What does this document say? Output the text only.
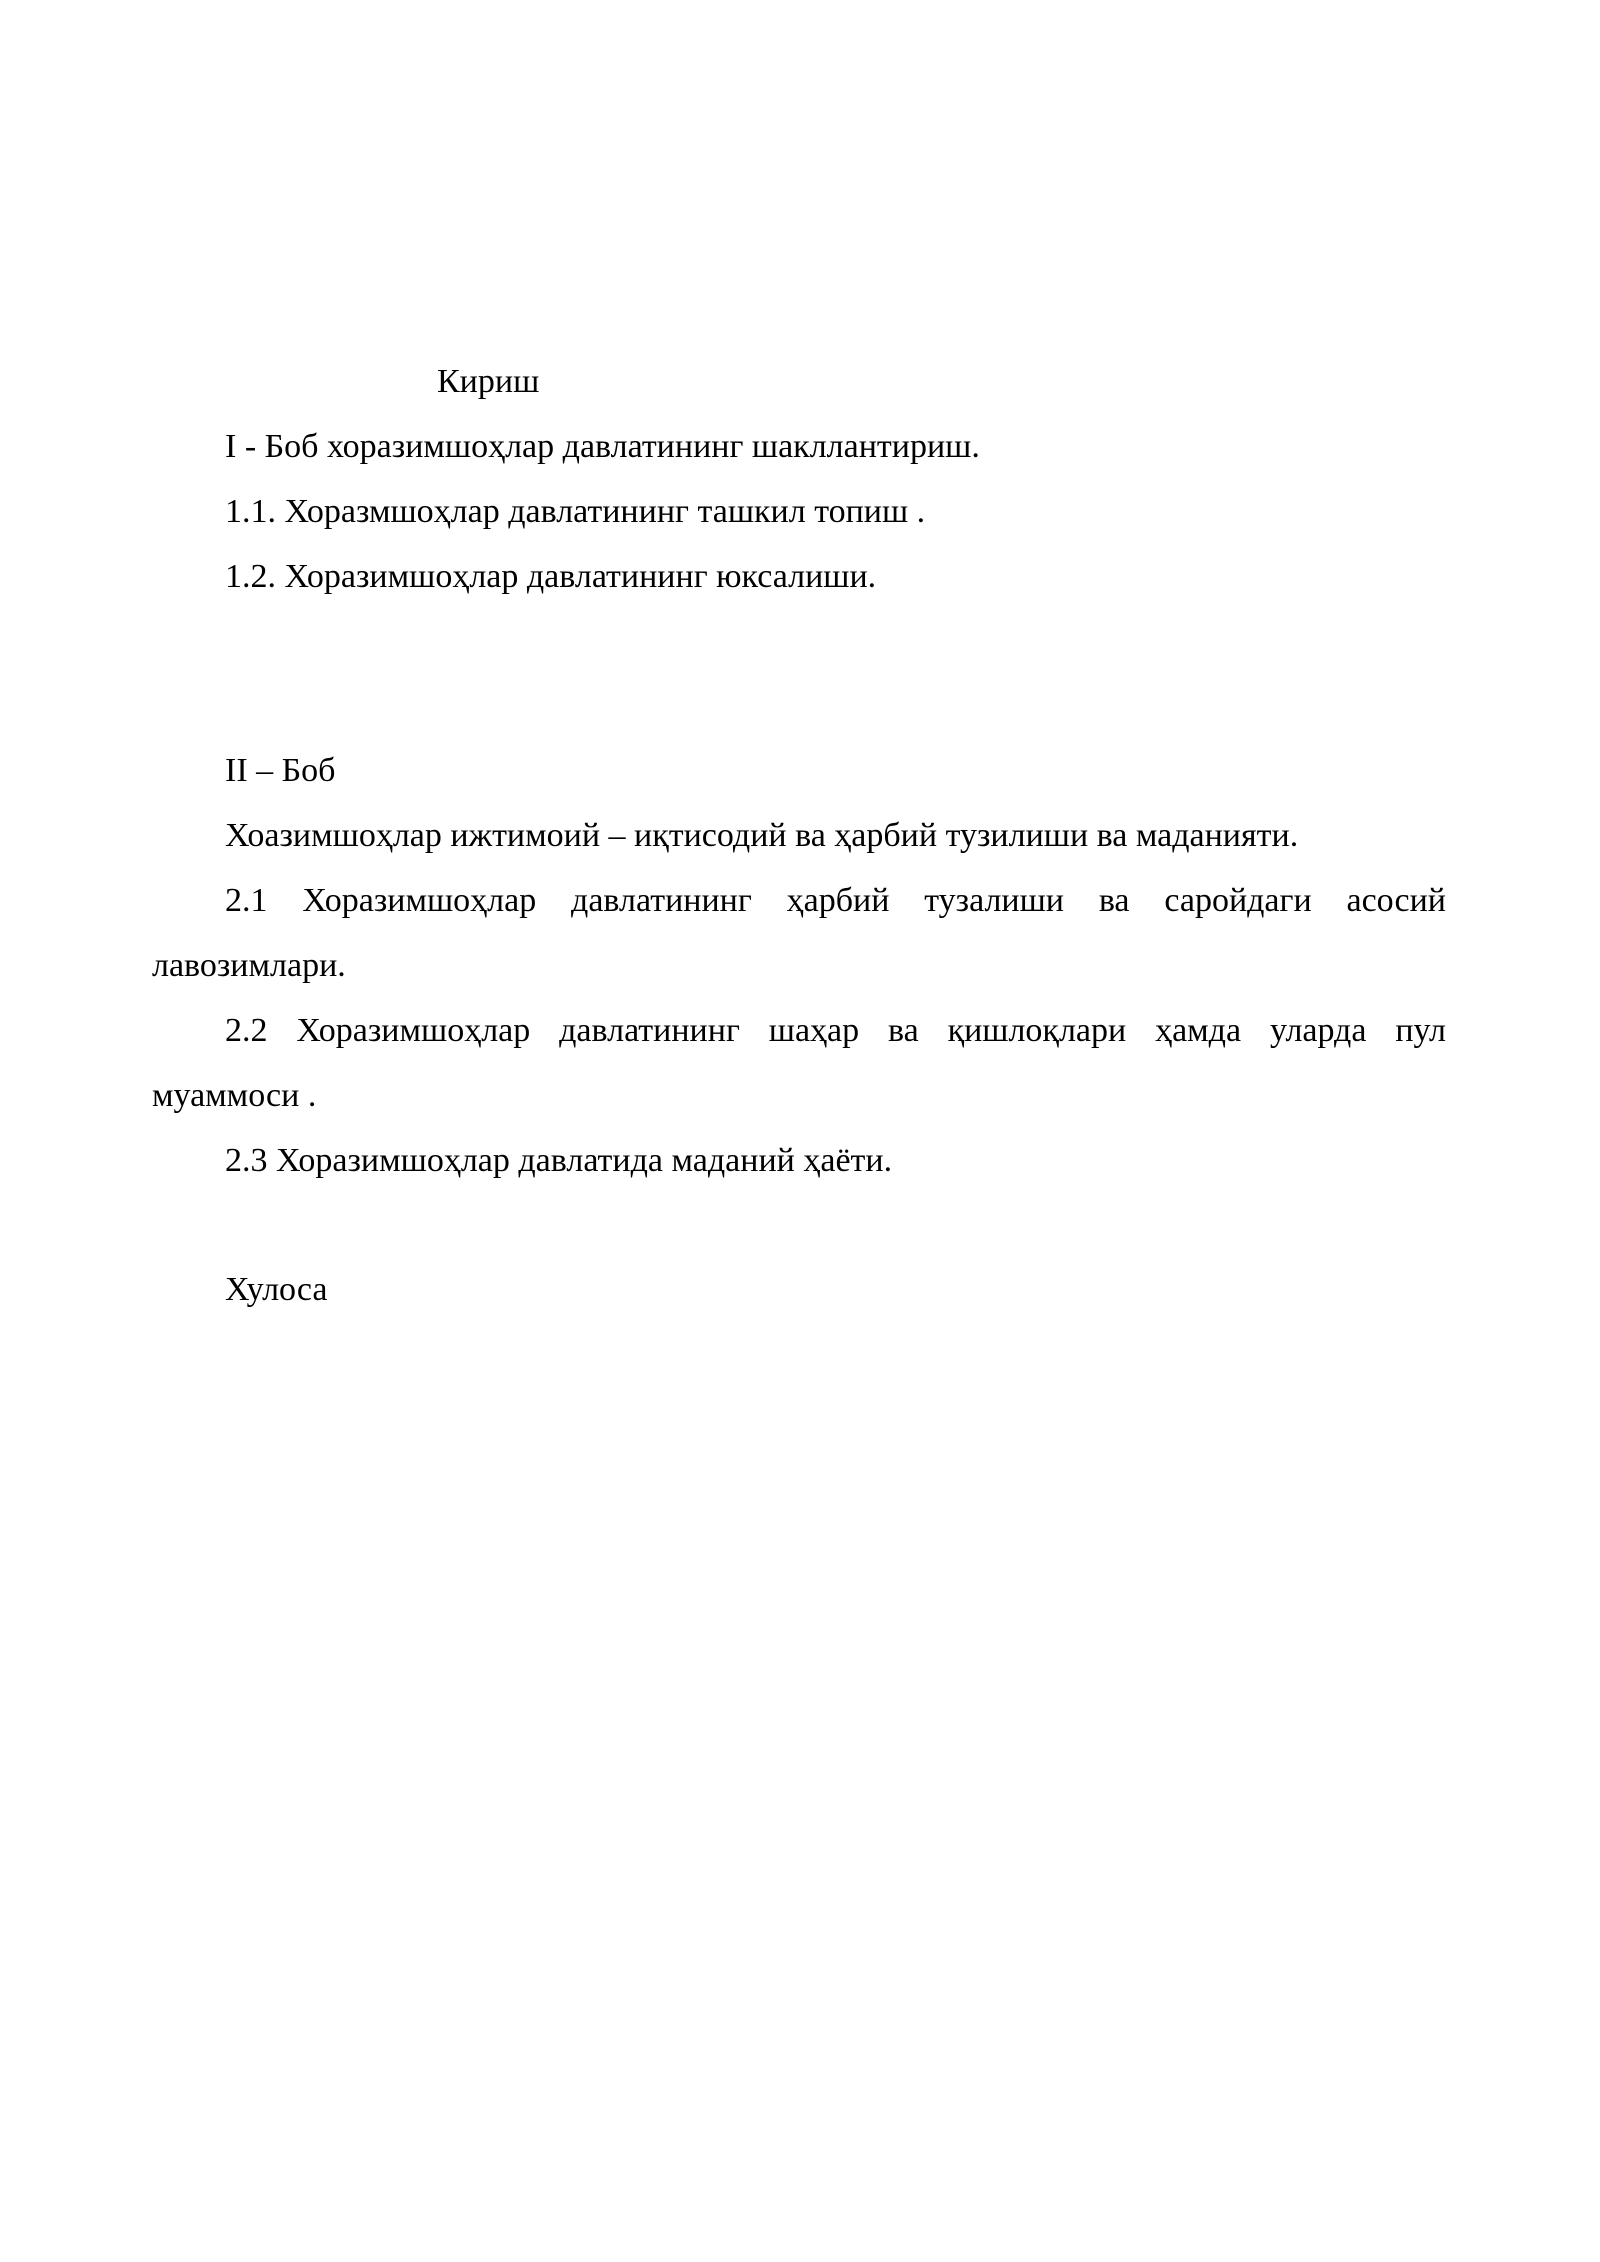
Кириш
I - Боб хоразимшоҳлар давлатининг шакллантириш.
1.1. Хоразмшоҳлар давлатининг ташкил топиш .
1.2. Хоразимшоҳлар давлатининг юксалиши.
II – Боб
Хоазимшоҳлар ижтимоий – иқтисодий ва ҳарбий тузилиши ва маданияти.
2.1 Хоразимшоҳлар давлатининг ҳарбий тузалиши ва саройдаги асосий
лавозимлари.
2.2 Хоразимшоҳлар давлатининг шаҳар ва қишлоқлари ҳамда уларда пул
муаммоси .
2.3 Хоразимшоҳлар давлатида маданий ҳаёти.
Хулоса
